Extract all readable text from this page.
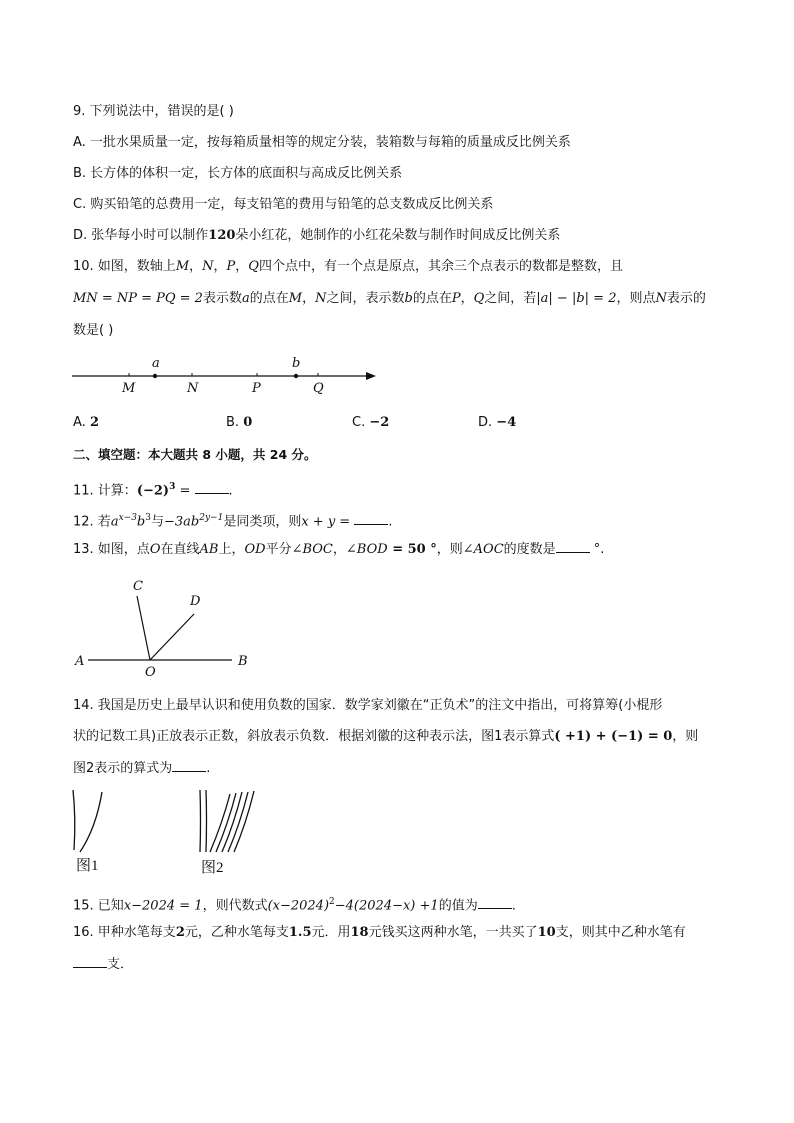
9. 下列说法中，错误的是( )
A. 一批水果质量一定，按每箱质量相等的规定分装，装箱数与每箱的质量成反比例关系
B. 长方体的体积一定，长方体的底面积与高成反比例关系
C. 购买铅笔的总费用一定，每支铅笔的费用与铅笔的总支数成反比例关系
D. 张华每小时可以制作120朵小红花，她制作的小红花朵数与制作时间成反比例关系
10. 如图，数轴上M，N，P，Q四个点中，有一个点是原点，其余三个点表示的数都是整数，且
MN = NP = PQ = 2表示数a的点在M，N之间，表示数b的点在P，Q之间，若|a| − |b| = 2，则点N表示的
数是( )
a	b
M	N	P	Q
A. 2	B. 0	C. −2	D. −4
二、填空题：本大题共 8 小题，共 24 分。
11. 计算：$(-2)^3$ =	.
12. 若$a^{x-3}b^3$与$-3ab^{2y-1}$是同类项，则x + y =	.
13. 如图，点O在直线AB上，OD平分∠BOC，∠BOD = 50 °，则∠AOC的度数是	°.
A	B
C
D
O
14. 我国是历史上最早认识和使用负数的国家．数学家刘徽在“正负术”的注文中指出，可将算筹(小棍形
状的记数工具)正放表示正数，斜放表示负数．根据刘徽的这种表示法，图1表示算式( +1) + (−1) = 0，则
图2表示的算式为	.
图1	图2
15. 已知x−2024 = 1，则代数式$(x-2024)^2-4(2024-x) +1$的值为	.
16. 甲种水笔每支2元，乙种水笔每支1.5元．用18元钱买这两种水笔，一共买了10支，则其中乙种水笔有
支．
